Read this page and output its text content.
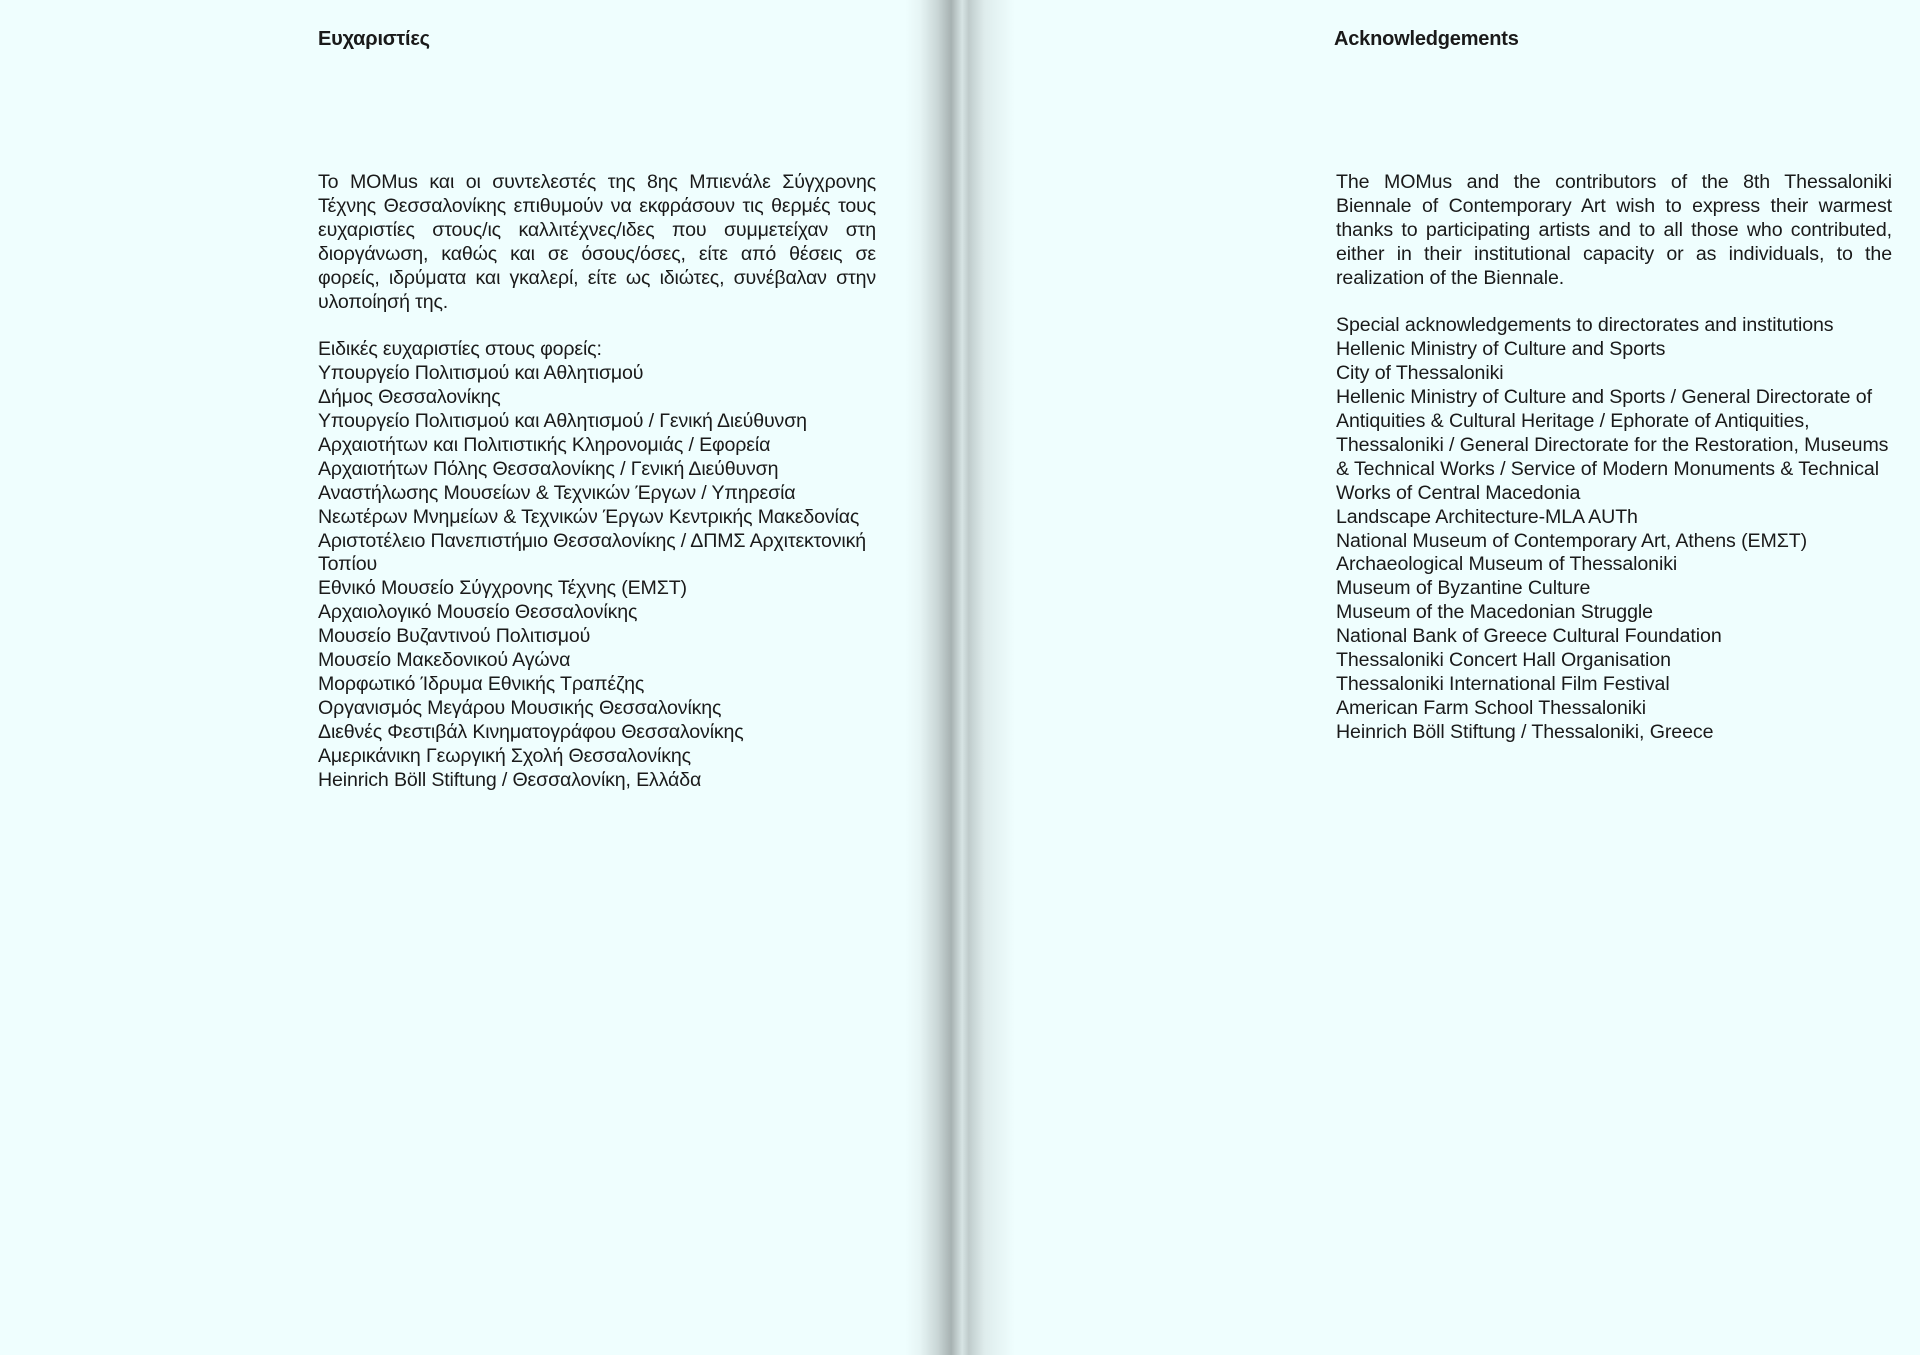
Ευχαριστίες

Το MOMus και οι συντελεστές της 8ης Μπιενάλε Σύγχρονης Τέχνης Θεσσαλονίκης επιθυμούν να εκφράσουν τις θερμές τους ευχαριστίες στους/ις καλλιτέχνες/ιδες που συμμετείχαν στη διοργάνωση, καθώς και σε όσους/όσες, είτε από θέσεις σε φορείς, ιδρύματα και γκαλερί, είτε ως ιδιώτες, συνέβαλαν στην υλοποίησή της.

Ειδικές ευχαριστίες στους φορείς:

Υπουργείο Πολιτισμού και Αθλητισμού
Δήμος Θεσσαλονίκης
Υπουργείο Πολιτισμού και Αθλητισμού / Γενική Διεύθυνση Αρχαιοτήτων και Πολιτιστικής Κληρονομιάς / Εφορεία Αρχαιοτήτων Πόλης Θεσσαλονίκης / Γενική Διεύθυνση Αναστήλωσης Μουσείων & Τεχνικών Έργων / Υπηρεσία Νεωτέρων Μνημείων & Τεχνικών Έργων Κεντρικής Μακεδονίας
Αριστοτέλειο Πανεπιστήμιο Θεσσαλονίκης / ΔΠΜΣ Αρχιτεκτονική Τοπίου
Εθνικό Μουσείο Σύγχρονης Τέχνης (ΕΜΣΤ)
Αρχαιολογικό Μουσείο Θεσσαλονίκης
Μουσείο Βυζαντινού Πολιτισμού
Μουσείο Μακεδονικού Αγώνα
Μορφωτικό Ίδρυμα Εθνικής Τραπέζης
Οργανισμός Μεγάρου Μουσικής Θεσσαλονίκης
Διεθνές Φεστιβάλ Κινηματογράφου Θεσσαλονίκης
Αμερικάνικη Γεωργική Σχολή Θεσσαλονίκης
Heinrich Böll Stiftung / Θεσσαλονίκη, Ελλάδα
Acknowledgements

The MOMus and the contributors of the 8th Thessaloniki Biennale of Contemporary Art wish to express their warmest thanks to participating artists and to all those who contributed, either in their institutional capacity or as individuals, to the realization of the Biennale.

Special acknowledgements to directorates and institutions

Hellenic Ministry of Culture and Sports
City of Thessaloniki
Hellenic Ministry of Culture and Sports / General Directorate of Antiquities & Cultural Heritage / Ephorate of Antiquities, Thessaloniki / General Directorate for the Restoration, Museums & Technical Works / Service of Modern Monuments & Technical Works of Central Macedonia
Landscape Architecture-MLA AUTh
National Museum of Contemporary Art, Athens (ΕΜΣΤ)
Archaeological Museum of Thessaloniki
Museum of Byzantine Culture
Museum of the Macedonian Struggle
National Bank of Greece Cultural Foundation
Thessaloniki Concert Hall Organisation
Thessaloniki International Film Festival
American Farm School Thessaloniki
Heinrich Böll Stiftung / Thessaloniki, Greece
